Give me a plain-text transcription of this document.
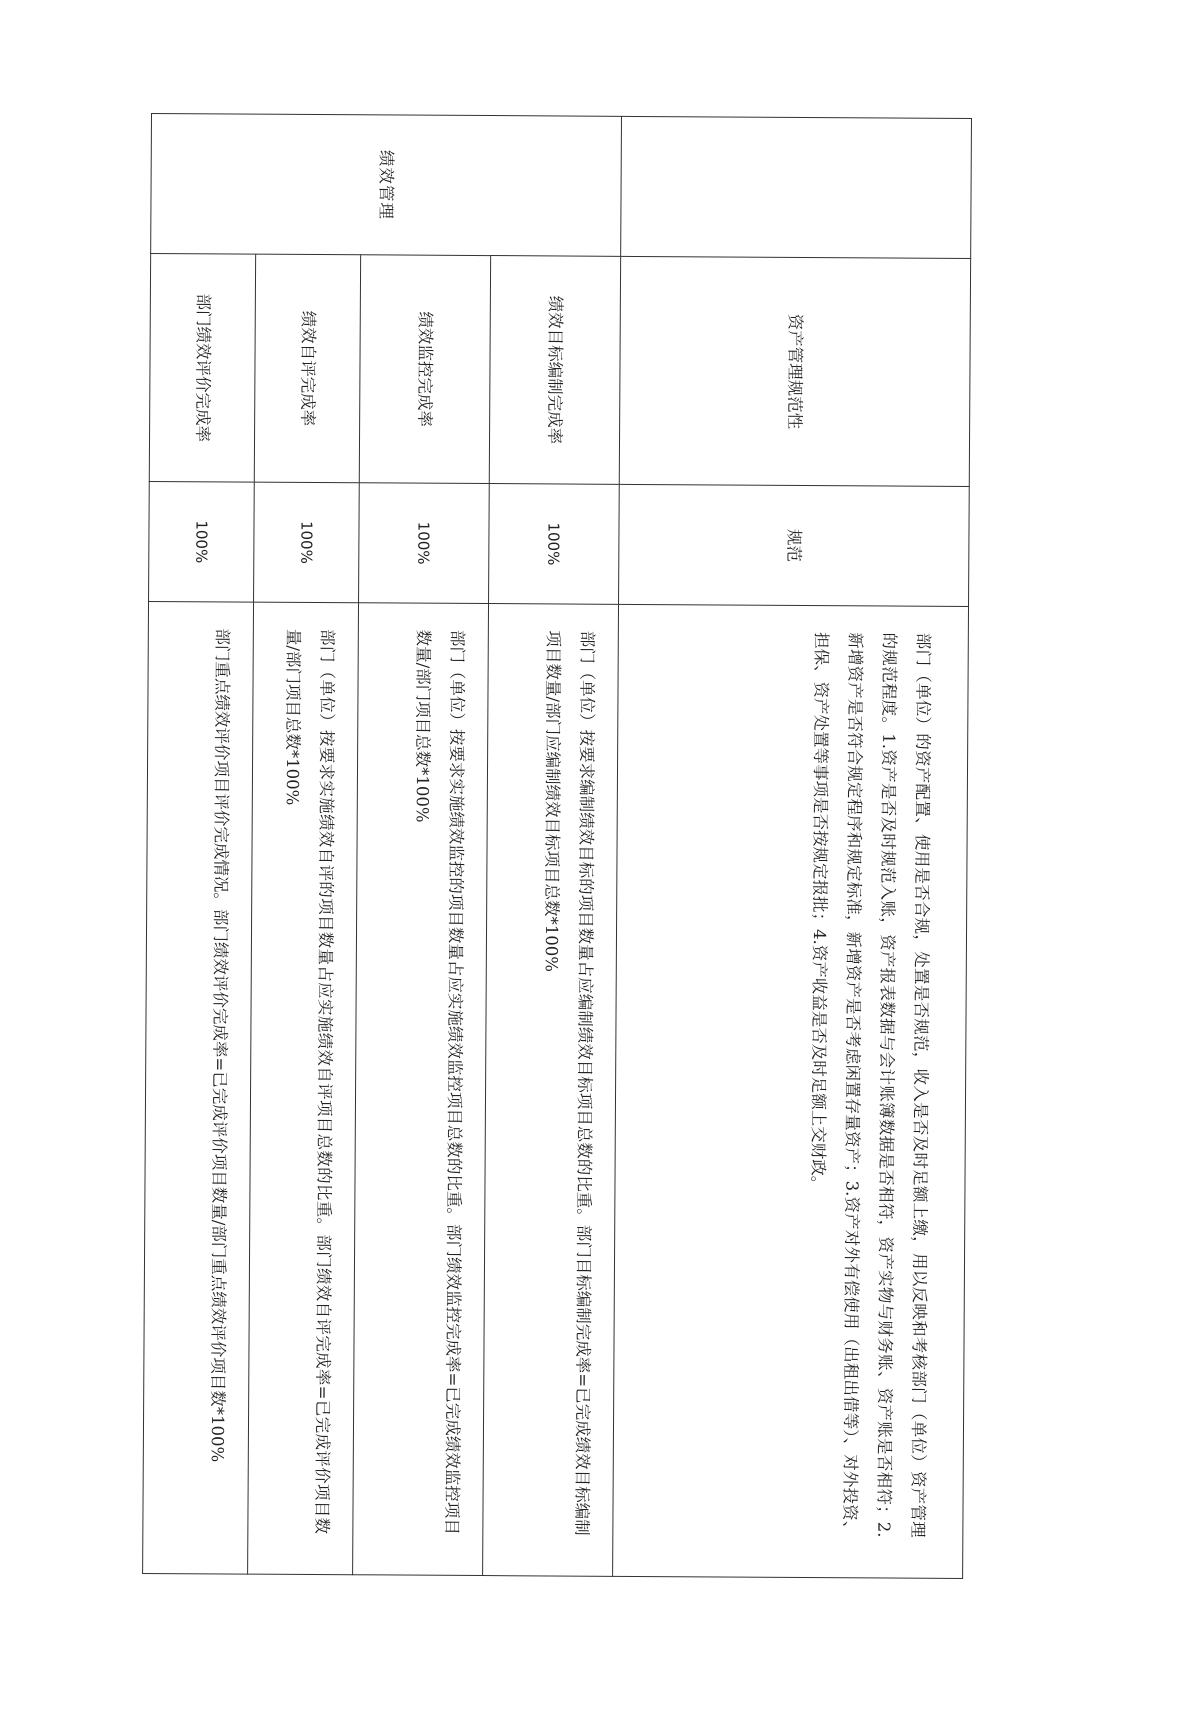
	资产管理规范性	规范	部门（单位）的资产配置、使用是否合规，处置是否规范，收入是否及时足额上缴，用以反映和考核部门（单位）资产管理的规范程度。1.资产是否及时规范入账，资产报表数据与会计账簿数据是否相符，资产实物与财务账、资产账是否相符；2.新增资产是否符合规定程序和规定标准，新增资产是否考虑闲置存量资产；3.资产对外有偿使用（出租出借等）、对外投资、担保、资产处置等事项是否按规定报批；4.资产收益是否及时足额上交财政。
绩效管理	绩效目标编制完成率	100%	部门（单位）按要求编制绩效目标的项目数量占应编制绩效目标项目总数的比重。部门目标编制完成率=已完成绩效目标编制项目数量/部门应编制绩效目标项目总数*100%
	绩效监控完成率	100%	部门（单位）按要求实施绩效监控的项目数量占应实施绩效监控项目总数的比重。部门绩效监控完成率=已完成绩效监控项目数量/部门项目总数*100%
	绩效自评完成率	100%	部门（单位）按要求实施绩效自评的项目数量占应实施绩效自评项目总数的比重。部门绩效自评完成率=已完成评价项目数量/部门项目总数*100%
	部门绩效评价完成率	100%	部门重点绩效评价项目评价完成情况。部门绩效评价完成率=已完成评价项目数量/部门重点绩效评价项目数*100%
